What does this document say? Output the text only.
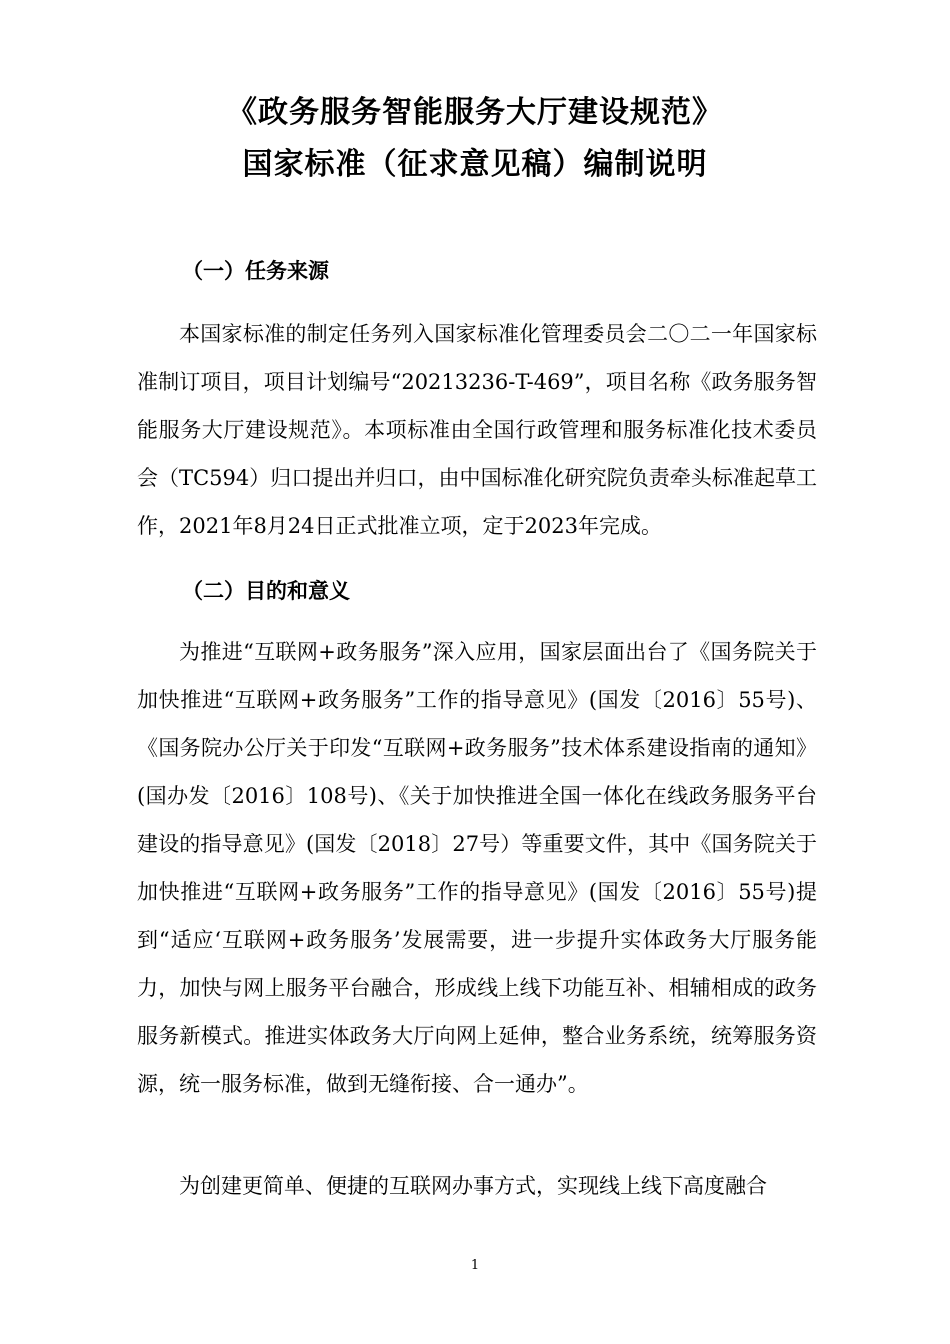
《政务服务智能服务大厅建设规范》
国家标准（征求意见稿）编制说明
（一）任务来源
本国家标准的制定任务列入国家标准化管理委员会二〇二一年国家标准制订项目，项目计划编号“20213236-T-469”，项目名称《政务服务智能服务大厅建设规范》。本项标准由全国行政管理和服务标准化技术委员会（TC594）归口提出并归口，由中国标准化研究院负责牵头标准起草工作，2021年8月24日正式批准立项，定于2023年完成。
（二）目的和意义
为推进“互联网+政务服务”深入应用，国家层面出台了《国务院关于加快推进“互联网+政务服务”工作的指导意见》(国发〔2016〕55号)、《国务院办公厅关于印发“互联网+政务服务”技术体系建设指南的通知》(国办发〔2016〕108号)、《关于加快推进全国一体化在线政务服务平台建设的指导意见》(国发〔2018〕27号）等重要文件，其中《国务院关于加快推进“互联网+政务服务”工作的指导意见》(国发〔2016〕55号)提到“适应‘互联网+政务服务’发展需要，进一步提升实体政务大厅服务能力，加快与网上服务平台融合，形成线上线下功能互补、相辅相成的政务服务新模式。推进实体政务大厅向网上延伸，整合业务系统，统筹服务资源，统一服务标准，做到无缝衔接、合一通办”。
为创建更简单、便捷的互联网办事方式，实现线上线下高度融合
1
